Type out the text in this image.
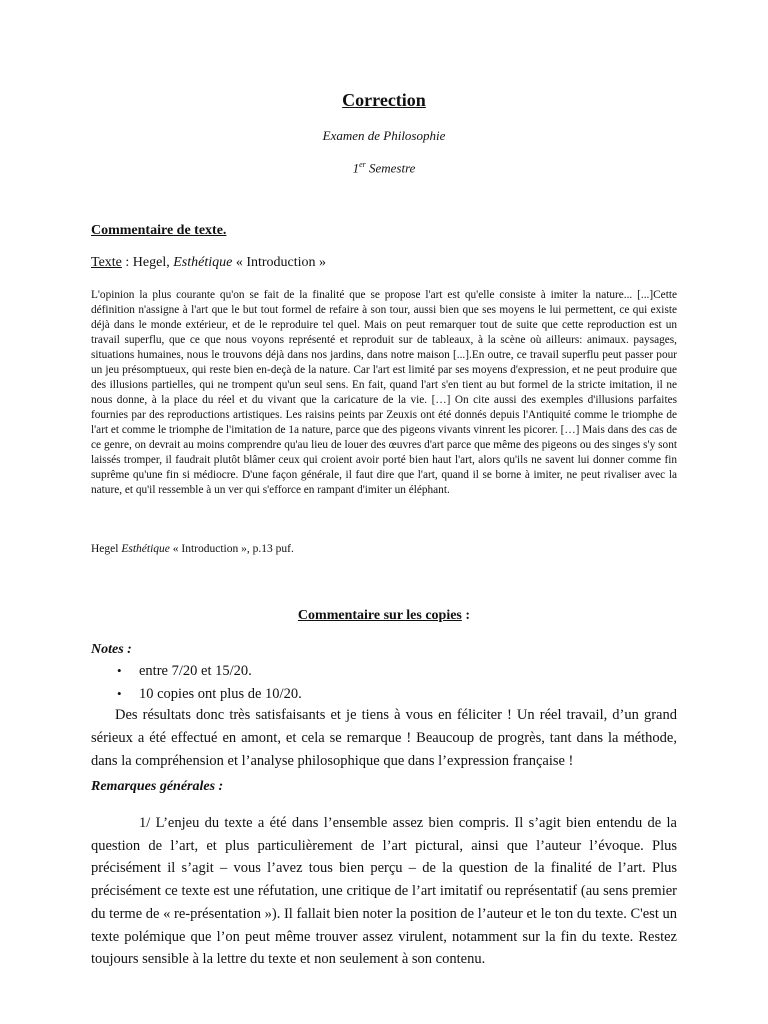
Correction
Examen de Philosophie
1er Semestre
Commentaire de texte.
Texte : Hegel, Esthétique « Introduction »
L'opinion la plus courante qu'on se fait de la finalité que se propose l'art est qu'elle consiste à imiter la nature... [...]Cette définition n'assigne à l'art que le but tout formel de refaire à son tour, aussi bien que ses moyens le lui permettent, ce qui existe déjà dans le monde extérieur, et de le reproduire tel quel. Mais on peut remarquer tout de suite que cette reproduction est un travail superflu, que ce que nous voyons représenté et reproduit sur de tableaux, à la scène où ailleurs: animaux. paysages, situations humaines, nous le trouvons déjà dans nos jardins, dans notre maison [...].En outre, ce travail superflu peut passer pour un jeu présomptueux, qui reste bien en-deçà de la nature. Car l'art est limité par ses moyens d'expression, et ne peut produire que des illusions partielles, qui ne trompent qu'un seul sens. En fait, quand l'art s'en tient au but formel de la stricte imitation, il ne nous donne, à la place du réel et du vivant que la caricature de la vie. […] On cite aussi des exemples d'illusions parfaites fournies par des reproductions artistiques. Les raisins peints par Zeuxis ont été donnés depuis l'Antiquité comme le triomphe de l'art et comme le triomphe de l'imitation de 1a nature, parce que des pigeons vivants vinrent les picorer. […] Mais dans des cas de ce genre, on devrait au moins comprendre qu'au lieu de louer des œuvres d'art parce que même des pigeons ou des singes s'y sont laissés tromper, il faudrait plutôt blâmer ceux qui croient avoir porté bien haut l'art, alors qu'ils ne savent lui donner comme fin suprême qu'une fin si médiocre. D'une façon générale, il faut dire que l'art, quand il se borne à imiter, ne peut rivaliser avec la nature, et qu'il ressemble à un ver qui s'efforce en rampant d'imiter un éléphant.
Hegel Esthétique « Introduction », p.13 puf.
Commentaire sur les copies :
Notes :
• entre 7/20 et 15/20.
• 10 copies ont plus de 10/20.
Des résultats donc très satisfaisants et je tiens à vous en féliciter ! Un réel travail, d’un grand sérieux a été effectué en amont, et cela se remarque ! Beaucoup de progrès, tant dans la méthode, dans la compréhension et l’analyse philosophique que dans l’expression française !
Remarques générales :
1/ L’enjeu du texte a été dans l’ensemble assez bien compris. Il s’agit bien entendu de la question de l’art, et plus particulièrement de l’art pictural, ainsi que l’auteur l’évoque. Plus précisément il s’agit – vous l’avez tous bien perçu – de la question de la finalité de l’art. Plus précisément ce texte est une réfutation, une critique de l’art imitatif ou représentatif (au sens premier du terme de « re-présentation »). Il fallait bien noter la position de l’auteur et le ton du texte. C'est un texte polémique que l’on peut même trouver assez virulent, notamment sur la fin du texte. Restez toujours sensible à la lettre du texte et non seulement à son contenu.
